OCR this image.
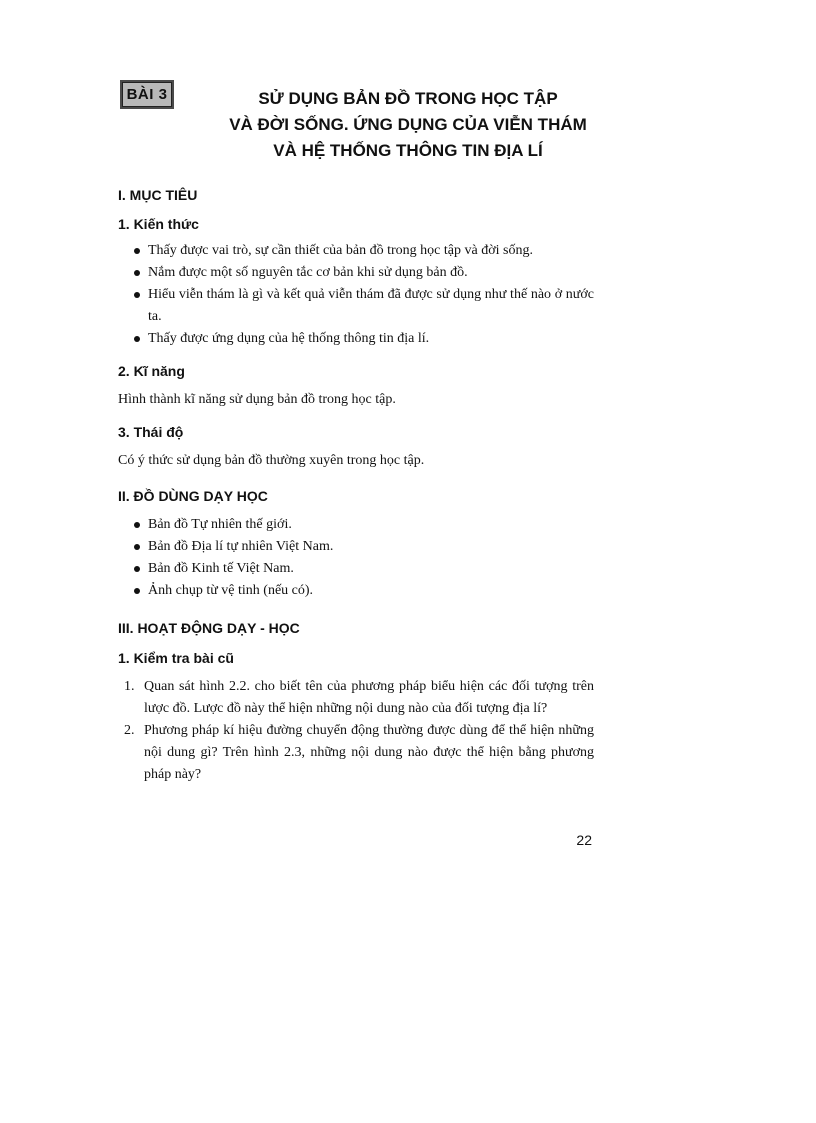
BÀI 3	SỬ DỤNG BẢN ĐỒ TRONG HỌC TẬP
VÀ ĐỜI SỐNG. ỨNG DỤNG CỦA VIỄN THÁM
VÀ HỆ THỐNG THÔNG TIN ĐỊA LÍ
I. MỤC TIÊU
1. Kiến thức
Thấy được vai trò, sự cần thiết của bản đồ trong học tập và đời sống.
Nắm được một số nguyên tắc cơ bản khi sử dụng bản đồ.
Hiểu viễn thám là gì và kết quả viễn thám đã được sử dụng như thế nào ở nước ta.
Thấy được ứng dụng của hệ thống thông tin địa lí.
2. Kĩ năng

Hình thành kĩ năng sử dụng bản đồ trong học tập.

3. Thái độ

Có ý thức sử dụng bản đồ thường xuyên trong học tập.

II. ĐỒ DÙNG DẠY HỌC
Bản đồ Tự nhiên thế giới.
Bản đồ Địa lí tự nhiên Việt Nam.
Bản đồ Kinh tế Việt Nam.
Ảnh chụp từ vệ tinh (nếu có).
III. HOẠT ĐỘNG DẠY - HỌC
1. Kiểm tra bài cũ
1. Quan sát hình 2.2. cho biết tên của phương pháp biểu hiện các đối tượng trên lược đồ. Lược đồ này thể hiện những nội dung nào của đối tượng địa lí?
2. Phương pháp kí hiệu đường chuyển động thường được dùng để thể hiện những nội dung gì? Trên hình 2.3, những nội dung nào được thể hiện bằng phương pháp này?
22
